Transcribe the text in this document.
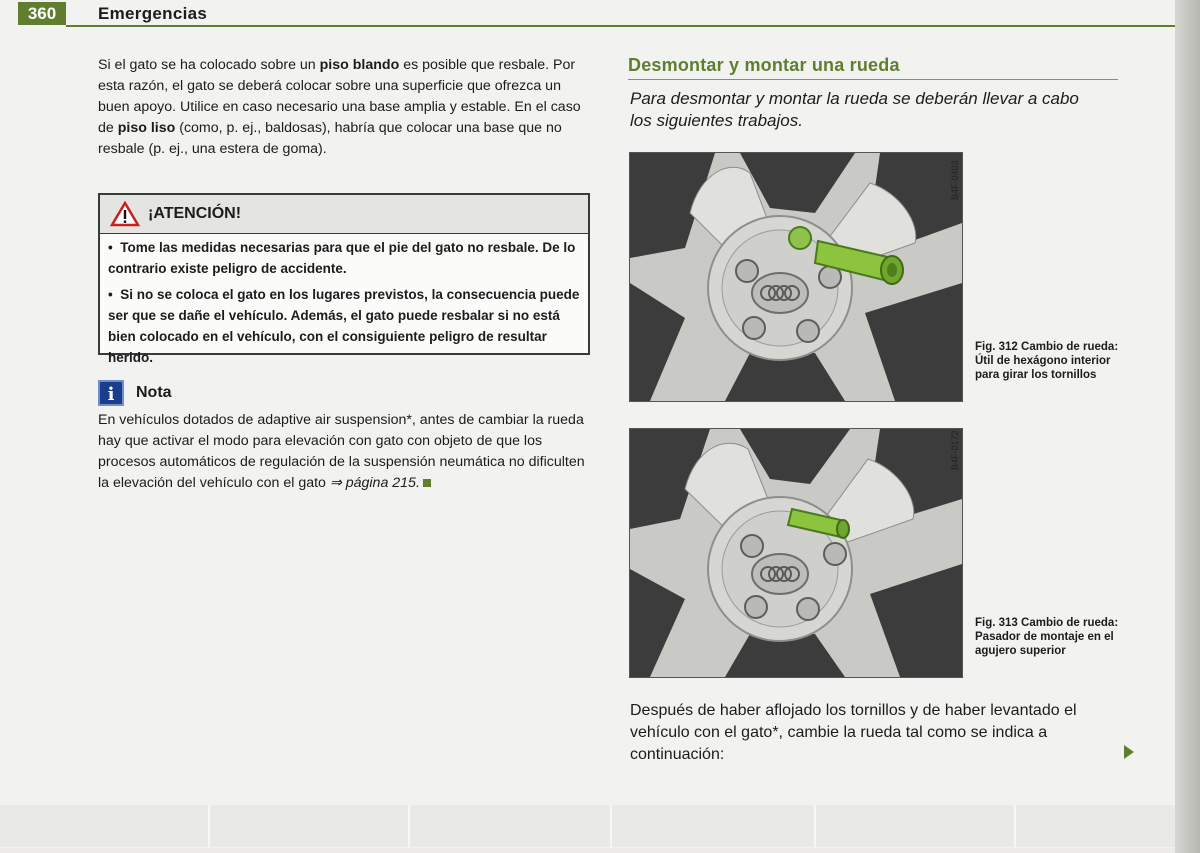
360	Emergencias
Si el gato se ha colocado sobre un piso blando es posible que resbale. Por esta razón, el gato se deberá colocar sobre una superficie que ofrezca un buen apoyo. Utilice en caso necesario una base amplia y estable. En el caso de piso liso (como, p. ej., baldosas), habría que colocar una base que no resbale (p. ej., una estera de goma).
¡ATENCIÓN!
•  Tome las medidas necesarias para que el pie del gato no resbale. De lo contrario existe peligro de accidente.
•  Si no se coloca el gato en los lugares previstos, la consecuencia puede ser que se dañe el vehículo. Además, el gato puede resbalar si no está bien colocado en el vehículo, con el consiguiente peligro de resultar herido.
i	Nota
En vehículos dotados de adaptive air suspension*, antes de cambiar la rueda hay que activar el modo para elevación con gato con objeto de que los procesos automáticos de regulación de la suspensión neumática no dificulten la elevación del vehículo con el gato ⇒ página 215.
Desmontar y montar una rueda
Para desmontar y montar la rueda se deberán llevar a cabo los siguientes trabajos.
B4F-0403
Fig. 312 Cambio de rueda: Útil de hexágono interior para girar los tornillos
B4F-0172
Fig. 313 Cambio de rueda: Pasador de montaje en el agujero superior
Después de haber aflojado los tornillos y de haber levantado el vehículo con el gato*, cambie la rueda tal como se indica a continuación:
